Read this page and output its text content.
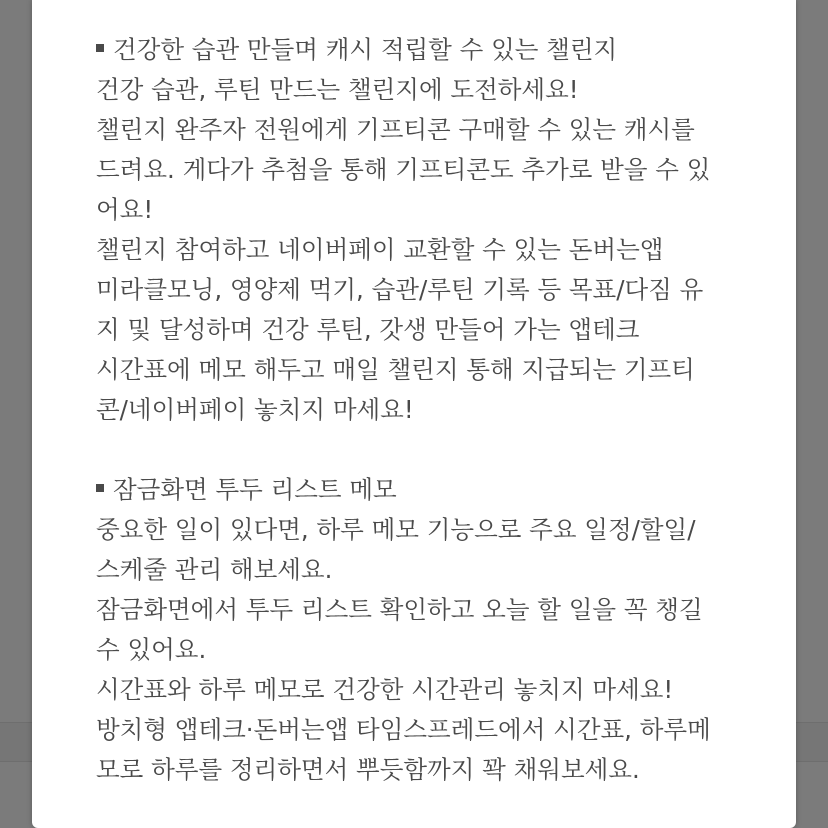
건강한 습관 만들며 캐시 적립할 수 있는 챌린지
건강 습관, 루틴 만드는 챌린지에 도전하세요!
챌린지 완주자 전원에게 기프티콘 구매할 수 있는 캐시를
드려요. 게다가 추첨을 통해 기프티콘도 추가로 받을 수 있
어요!
챌린지 참여하고 네이버페이 교환할 수 있는 돈버는앱
미라클모닝, 영양제 먹기, 습관/루틴 기록 등 목표/다짐 유
지 및 달성하며 건강 루틴, 갓생 만들어 가는 앱테크
시간표에 메모 해두고 매일 챌린지 통해 지급되는 기프티
콘/네이버페이 놓치지 마세요!
잠금화면 투두 리스트 메모
중요한 일이 있다면, 하루 메모 기능으로 주요 일정/할일/
스케줄 관리 해보세요.
잠금화면에서 투두 리스트 확인하고 오늘 할 일을 꼭 챙길
수 있어요.
시간표와 하루 메모로 건강한 시간관리 놓치지 마세요!
방치형 앱테크·돈버는앱 타임스프레드에서 시간표, 하루메
모로 하루를 정리하면서 뿌듯함까지 꽉 채워보세요.
